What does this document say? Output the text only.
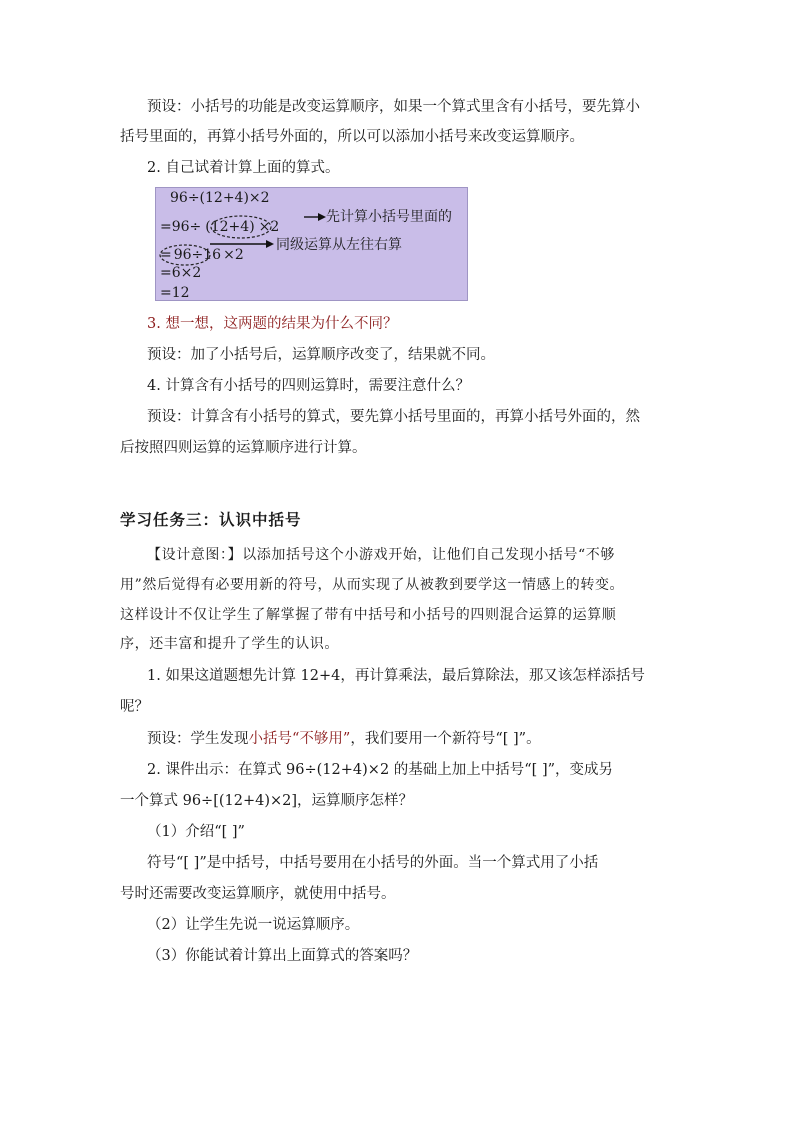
预设：小括号的功能是改变运算顺序，如果一个算式里含有小括号，要先算小
括号里面的，再算小括号外面的，所以可以添加小括号来改变运算顺序。
2. 自己试着计算上面的算式。
96÷(12+4)×2
=96÷ (12+4) ×2
= 96÷16 ×2
=6×2
=12
先计算小括号里面的
同级运算从左往右算
3. 想一想，这两题的结果为什么不同？
预设：加了小括号后，运算顺序改变了，结果就不同。
4. 计算含有小括号的四则运算时，需要注意什么？
预设：计算含有小括号的算式，要先算小括号里面的，再算小括号外面的，然
后按照四则运算的运算顺序进行计算。
学习任务三：认识中括号
【设计意图：】以添加括号这个小游戏开始，让他们自己发现小括号“不够
用”然后觉得有必要用新的符号，从而实现了从被教到要学这一情感上的转变。
这样设计不仅让学生了解掌握了带有中括号和小括号的四则混合运算的运算顺
序，还丰富和提升了学生的认识。
1. 如果这道题想先计算 12+4，再计算乘法，最后算除法，那又该怎样添括号
呢？
预设：学生发现小括号“不够用”，我们要用一个新符号“[ ]”。
2. 课件出示：在算式 96÷(12+4)×2 的基础上加上中括号“[ ]”，变成另
一个算式 96÷[(12+4)×2]，运算顺序怎样？
（1）介绍“[ ]”
符号“[ ]”是中括号，中括号要用在小括号的外面。当一个算式用了小括
号时还需要改变运算顺序，就使用中括号。
（2）让学生先说一说运算顺序。
（3）你能试着计算出上面算式的答案吗？
